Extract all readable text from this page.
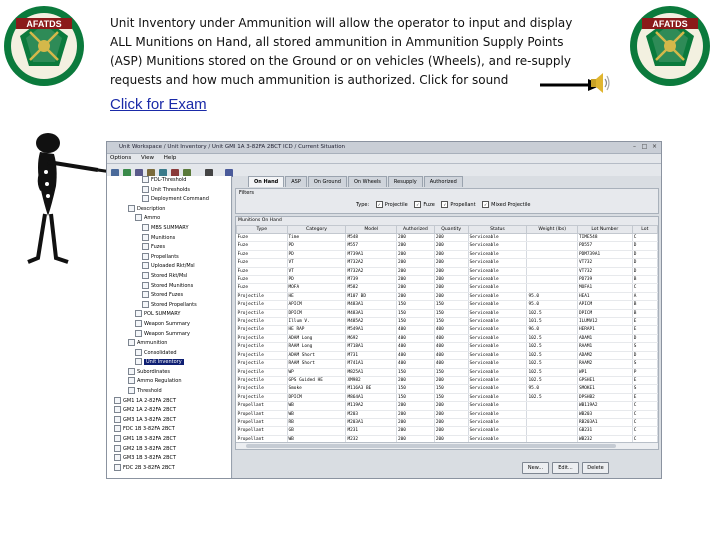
AFATDS	AFATDS

Unit Inventory under Ammunition will allow the operator to input and display

ALL Munitions on Hand, all stored ammunition in Ammunition Supply Points

(ASP) Munitions stored on the Ground or on vehicles (Wheels), and re-supply

requests and how much ammunition is authorized. Click for sound

Click for Exam
Unit Workspace / Unit Inventory / Unit GMI 1A 3-82FA 2BCT ICD / Current Situation	– □ ×
Options View Help
FDL-Threshold
Unit Thresholds
Deployment Command
Description
Ammo
MBS SUMMARY
Munitions
Fuzes
Propellants
Uploaded Rkt/Msl
Stored Rkt/Msl
Stored Munitions
Stored Fuzes
Stored Propellants
POL SUMMARY
Weapon Summary
Weapon Summary
Ammunition
Consolidated
Unit Inventory
Subordinates
Ammo Regulation
Threshold
GM1 1A 2-82FA 2BCT
GM2 1A 2-82FA 2BCT
GM3 1A 3-82FA 2BCT
FDC 1B 3-82FA 2BCT
GM1 1B 3-82FA 2BCT
GM2 1B 3-82FA 2BCT
GM3 1B 3-82FA 2BCT
FDC 2B 3-82FA 2BCT
On Hand	ASP	On Ground	On Wheels	Resupply	Authorized
Filters
Type: ✓ Projectile ✓ Fuze ✓ Propellant ✓ Mixed Projectile
Munitions On Hand
Type	Category	Model	Authorized	Quantity	Status	Weight (lbs)	Lot Number	Lot
Fuze	Time	M548	200	200	Serviceable		TIME548	C
Fuze	PD	M557	200	200	Serviceable		PD557	D
Fuze	PD	M739A1	200	200	Serviceable		PDM739A1	D
Fuze	VT	M732A2	200	200	Serviceable		VT732	D
Fuze	VT	M732A2	200	200	Serviceable		VT732	D
Fuze	PD	M739	200	200	Serviceable		PD739	B
Fuze	MOFA	M582	200	200	Serviceable		MOFA1	C
Projectile	HE	M107 BD	200	200	Serviceable	95.0	HEA1	A
Projectile	APICM	M483A1	150	150	Serviceable	95.0	APICM	B
Projectile	DPICM	M483A1	150	150	Serviceable	102.5	DPICM	B
Projectile	Illum V.	M485A2	150	150	Serviceable	101.5	ILUMV12	E
Projectile	HE RAP	M549A1	400	400	Serviceable	96.0	HERAP1	E
Projectile	ADAM Long	M692	400	400	Serviceable	102.5	ADAM1	D
Projectile	RAAM Long	M718A1	400	400	Serviceable	102.5	RAAM1	S
Projectile	ADAM Short	M731	400	400	Serviceable	102.5	ADAM2	D
Projectile	RAAM Short	M741A1	400	400	Serviceable	102.5	RAAM2	S
Projectile	WP	M825A1	150	150	Serviceable	102.5	WP1	P
Projectile	GPS Guided HE	XM982	200	200	Serviceable	102.5	GPSHE1	E
Projectile	Smoke	M116A3 BE	150	150	Serviceable	95.0	SMOKE1	S
Projectile	DPICM	M864A1	150	150	Serviceable	102.5	DPSHB2	E
Propellant	WB	M119A2	200	200	Serviceable		WB119A2	C
Propellant	WB	M203	200	200	Serviceable		WB203	C
Propellant	RB	M203A1	200	200	Serviceable		RB203A1	C
Propellant	GB	M231	200	200	Serviceable		GB231	C
Propellant	WB	M232	200	200	Serviceable		WB232	C
New...	Edit...	Delete
